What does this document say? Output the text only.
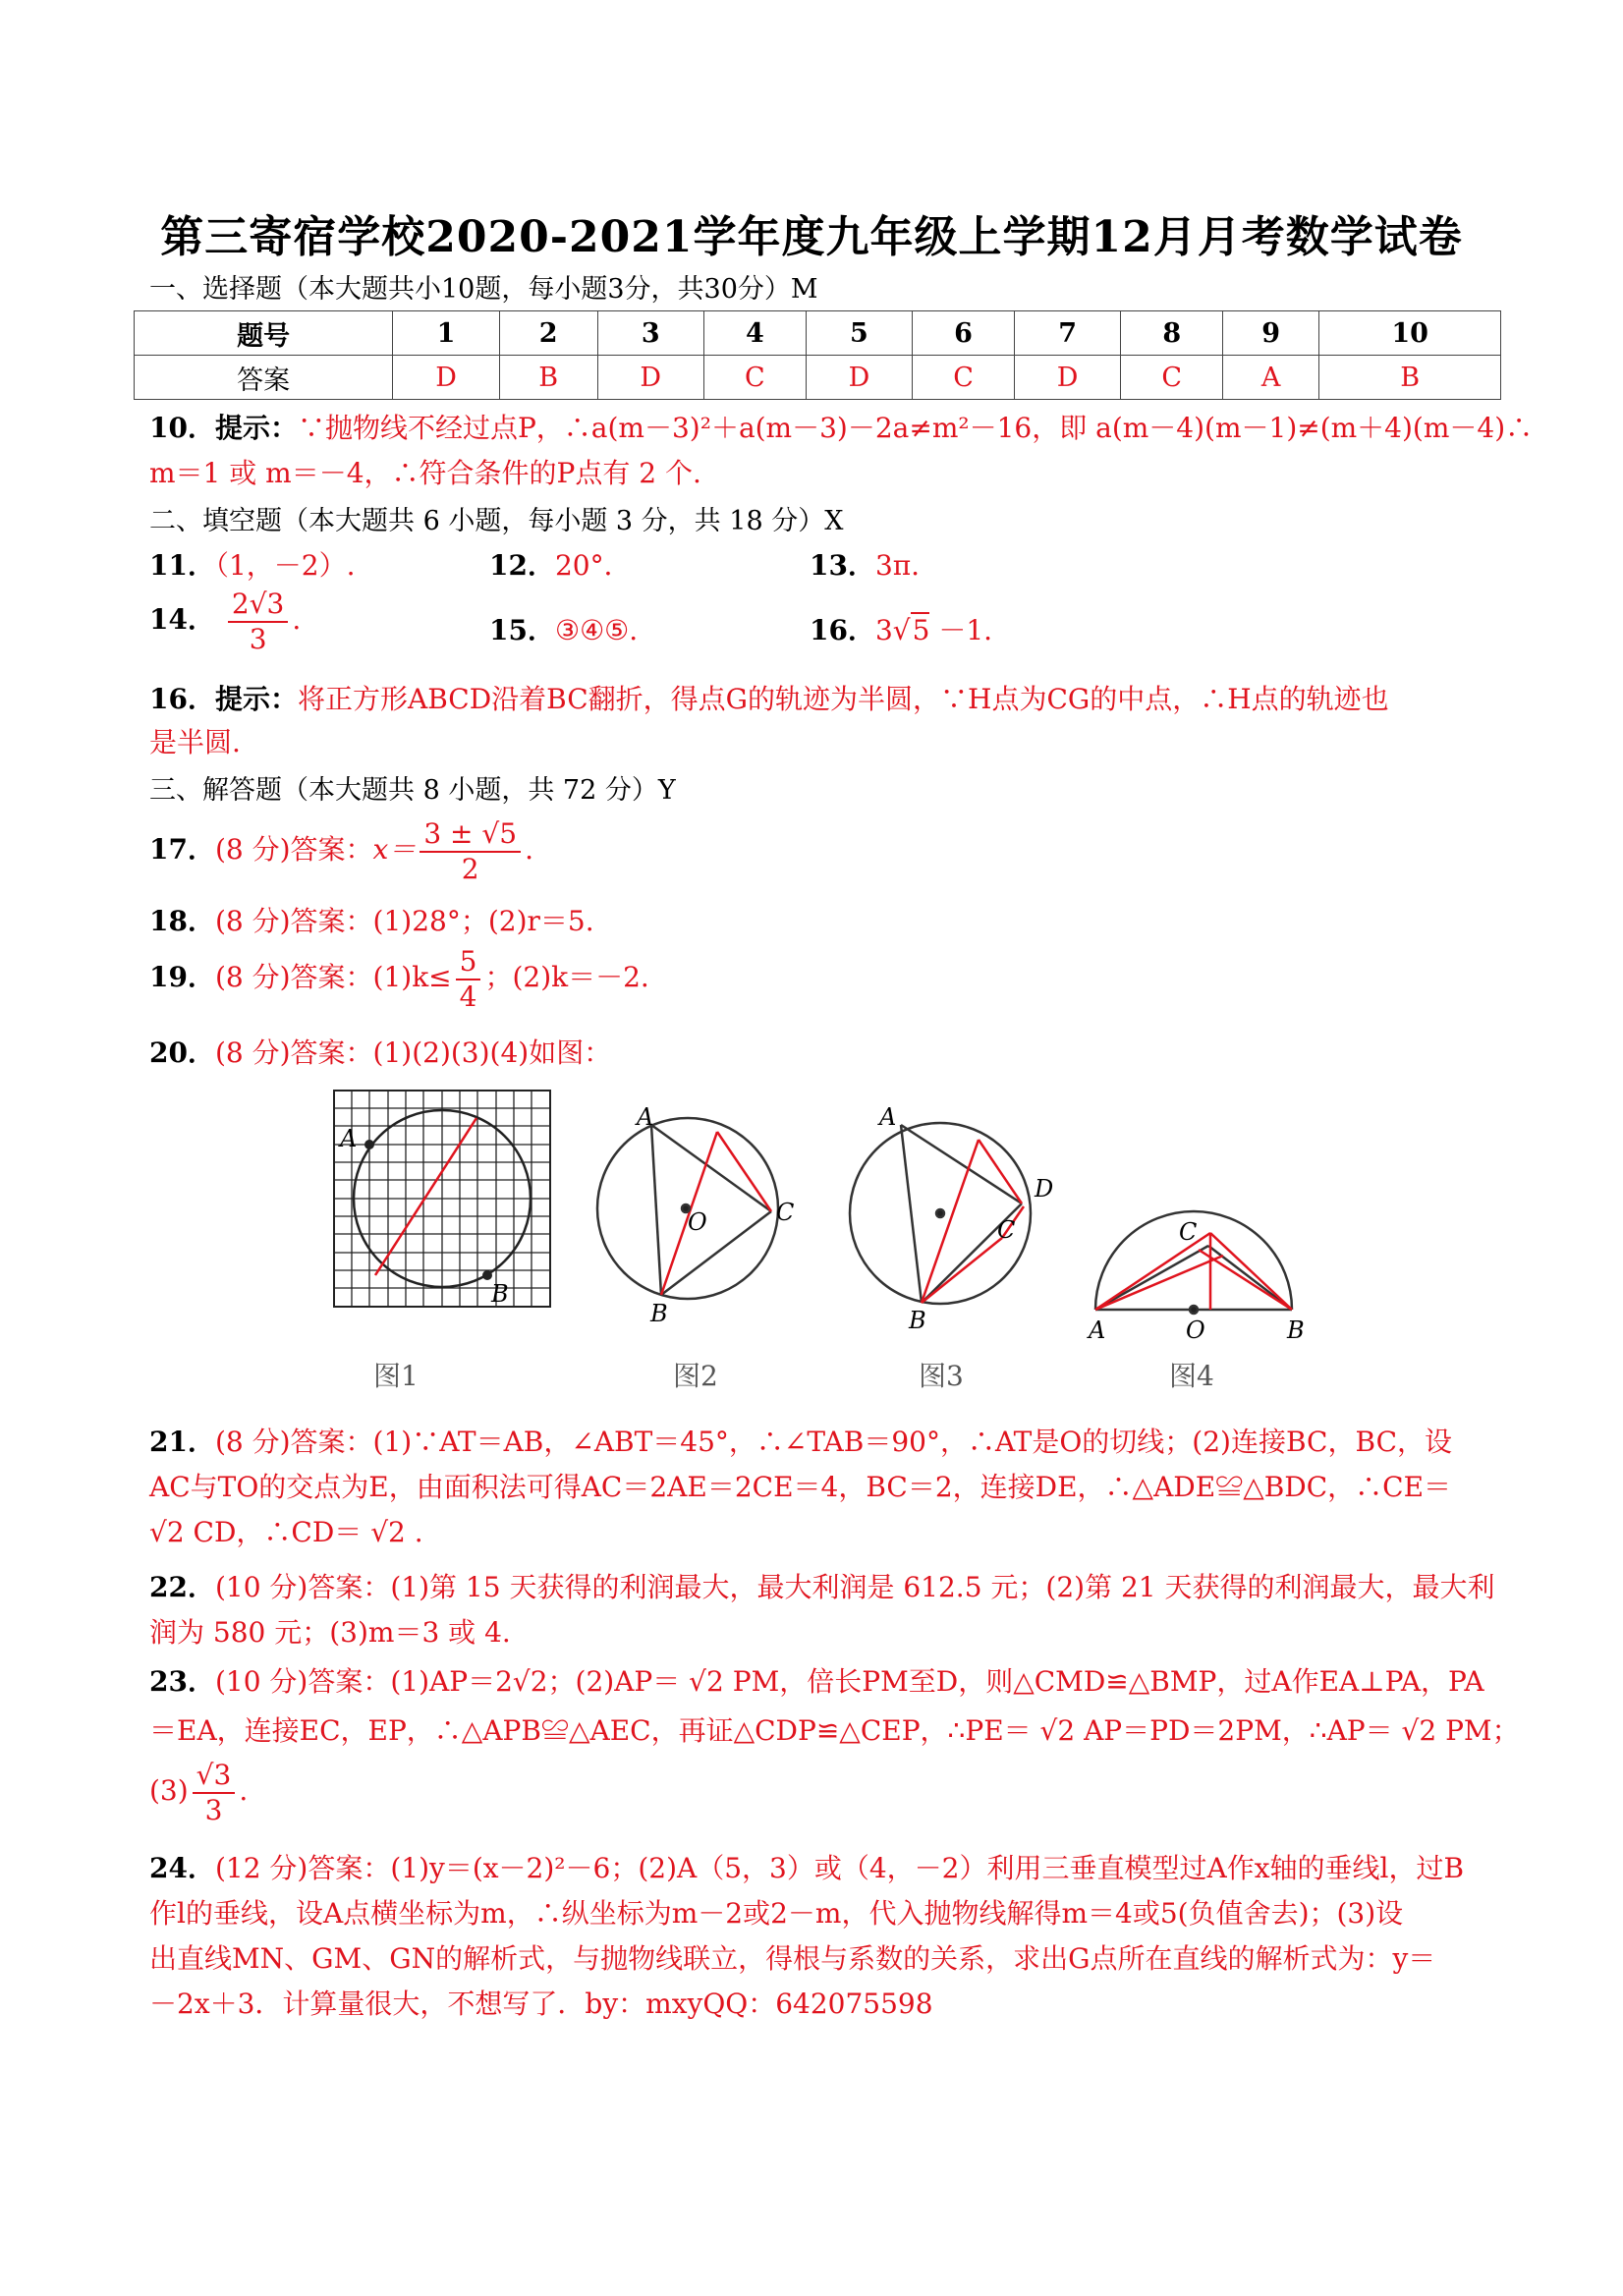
第三寄宿学校2020-2021学年度九年级上学期12月月考数学试卷
一、选择题（本大题共小10题，每小题3分，共30分）M
题号	1	2	3	4	5	6	7	8	9	10
答案	D	B	D	C	D	C	D	C	A	B
10．提示：∵抛物线不经过点P，∴a(m－3)²＋a(m－3)－2a≠m²－16，即 a(m－4)(m－1)≠(m＋4)(m－4)∴
m＝1 或 m＝－4，∴符合条件的P点有 2 个.
二、填空题（本大题共 6 小题，每小题 3 分，共 18 分）X
11．（1，－2）.	12．20°．	13．3π.
14． $\frac{2√3}{3}$ .	15．③④⑤.	16．3√5 －1.
16．提示：将正方形ABCD沿着BC翻折，得点G的轨迹为半圆，∵H点为CG的中点，∴H点的轨迹也
是半圆.
三、解答题（本大题共 8 小题，共 72 分）Y
17．(8 分)答案：$x= \frac{3 \pm √5}{2}$ .
18．(8 分)答案：(1)28°；(2)r＝5.
19．(8 分)答案：$(1)k\le \frac{5}{4}$ ；(2)k＝－2.
20．(8 分)答案：(1)(2)(3)(4)如图：
A
B
A
O	C
B
A
D
C
B
C
A	O	B
图1	图2	图3	图4
21．(8 分)答案：(1)∵AT＝AB，∠ABT＝45°，∴∠TAB＝90°，∴AT是O的切线；(2)连接BC，BC，设
AC与TO的交点为E，由面积法可得AC＝2AE＝2CE＝4，BC＝2，连接DE，∴△ADE≌△BDC，∴CE＝
√2 CD，∴CD＝ √2 .
22．(10 分)答案：(1)第 15 天获得的利润最大，最大利润是 612.5 元；(2)第 21 天获得的利润最大，最大利
润为 580 元；(3)m＝3 或 4.
23．(10 分)答案：(1)AP＝2√2；(2)AP＝ √2 PM，倍长PM至D，则△CMD≌△BMP，过A作EA⊥PA，PA
＝EA，连接EC，EP，∴△APB≌△AEC，再证△CDP≌△CEP，∴PE＝ √2 AP＝PD＝2PM，∴AP＝ √2 PM；
$(3) \frac{√3}{3}$ .
24．(12 分)答案：(1)y＝(x－2)²－6；(2)A（5，3）或（4，－2）利用三垂直模型过A作x轴的垂线l，过B
作l的垂线，设A点横坐标为m，∴纵坐标为m－2或2－m，代入抛物线解得m＝4或5(负值舍去)；(3)设
出直线MN、GM、GN的解析式，与抛物线联立，得根与系数的关系，求出G点所在直线的解析式为：y＝
－2x＋3．计算量很大，不想写了．by：mxyQQ：642075598
